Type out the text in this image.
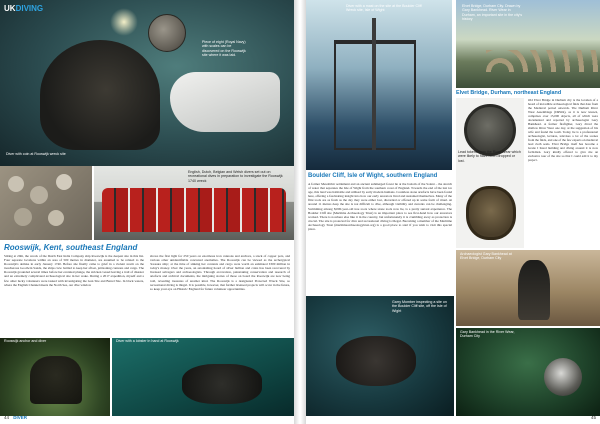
UKDIVING
Piece of eight (Royal Navy) with scales can be discovered on the Rooswijk site where it was laid.
Diver with coin at Rooswijk wreck site
English, Dutch, Belgian and Welsh divers set out on recreational dives in preparation to investigate the Rooswijk 1740 wreck
Rooswijk, Kent, southeast England
Sitting at 20m, the wreck of the Dutch East India Company ship Rooswijk is the deepest site in this list. Four separate locations within an area of 500 metres in diameter, are assumed to be related to the Rooswijk's demise in early January 1740. Before she finally came to grief in a violent storm on the treacherous Goodwin Sands, the ships crew battled to keep her afloat, jettisoning cannons and cargo. The Rooswijk grounded several times before her eventual plunge, the stricken vessel leaving a trail of disaster and an extremely complicated archaeological site in her wake. During a 2017 expedition, myself and a few other lucky volunteers were tasked with investigating the Gun Site and Barrel Site. In black waters, where the English Channel meets the North Sea, our dive window
shows the first light for 250 years on enormous iron cannons and anchors, a stack of copper pots, and various other unidentifiable concreted anomalies. The Rooswijk can be viewed as the archetypical 'treasure ship', at the time of sinking her contents and cargo were worth an estimated £300 million in today's money. Over the years, an astonishing hoard of silver bullion and coins has been recovered by licensed salvagers and archaeologists. Through excavation, painstaking conservation and research of artefacts and archival documents, the intriguing stories of those on board the Rooswijk are now being told, revealing treasures of another kind. The Rooswijk is a designated Protected Wreck Site, so recreational diving is illegal. It is possible, however, that further licensed projects will occur in the future, so keep your eye on Historic England for future volunteer opportunities.
Rooswijk anchor and diver	Diver with a lobster in hand at Rooswijk
44 DIVER
Diver with a mast on the site at the Boulder Cliff Wreck site, Isle of Wight
Elvet Bridge, Durham City. Drawn by Gary Bankhead. River Wear in Durham, an important site in the city's history
Elvet Bridge, Durham, northeast England
Lead tokens from the River Wear which were likely to have been dropped or lost.
Old Elvet Bridge in Durham city is the location of a hoard of incredible archaeological finds that date from the Medieval period onwards. The Durham River Wear Assemblage (DRWA), as it is now known, comprises over 15,000 objects, all of which were documented and reported by archaeologist Gary Bankhead. A former firefighter, Gary dived the shallow River Wear one day, at the suggestion of his wife and found the tooth. Today, he is a professional archaeologist, lectures, televises a lot of the scenes from the finds, and one of the few experts on medieval lead cloth seals. Elvet Bridge itself has become a Grade I listed building and diving around it is now forbidden. Gary kindly offered to give me an exclusive tour of the site so that I could add it to my project.
Boulder Cliff, Isle of Wight, southern England
A former Mesolithic settlement and an ancient submerged forest lie at the bottom of the Solent – the stretch of water that separates the Isle of Wight from the southern coast of England. Towards the end of the last ice age, this land was habitable and utilised by early modern humans. Countless stone artefacts have been found here, offering a fascinating insight into how our early ancestors lived and sustained themselves. Many of the flint tools are as fresh as the day they were either lost, discarded or offered up in some form of ritual. At around 11 metres deep the site is not difficult to dive, although visibility and currents can be challenging. Swimming among 8,000-year-old tree roots where stone tools now lie, is a pretty surreal experience. The Boulder Cliff site (Maritime Archaeology Trust) is an important place to see first-hand how our ancestors worked. There is nowhere else like it in the country, but unfortunately it is crumbling away as protection is crucial. The site is protected for dive and recreational diving is illegal. Becoming a member of the Maritime Archaeology Trust (maritimearchaeologytrust.org) is a good place to start if you wish to visit this special place.
Archaeologist Gary Bankhead at Elvet Bridge, Durham City
Garry Momber inspecting a site on the Boulder Cliff site, off the Isle of Wight
Gary Bankhead in the River Wear, Durham City
45
